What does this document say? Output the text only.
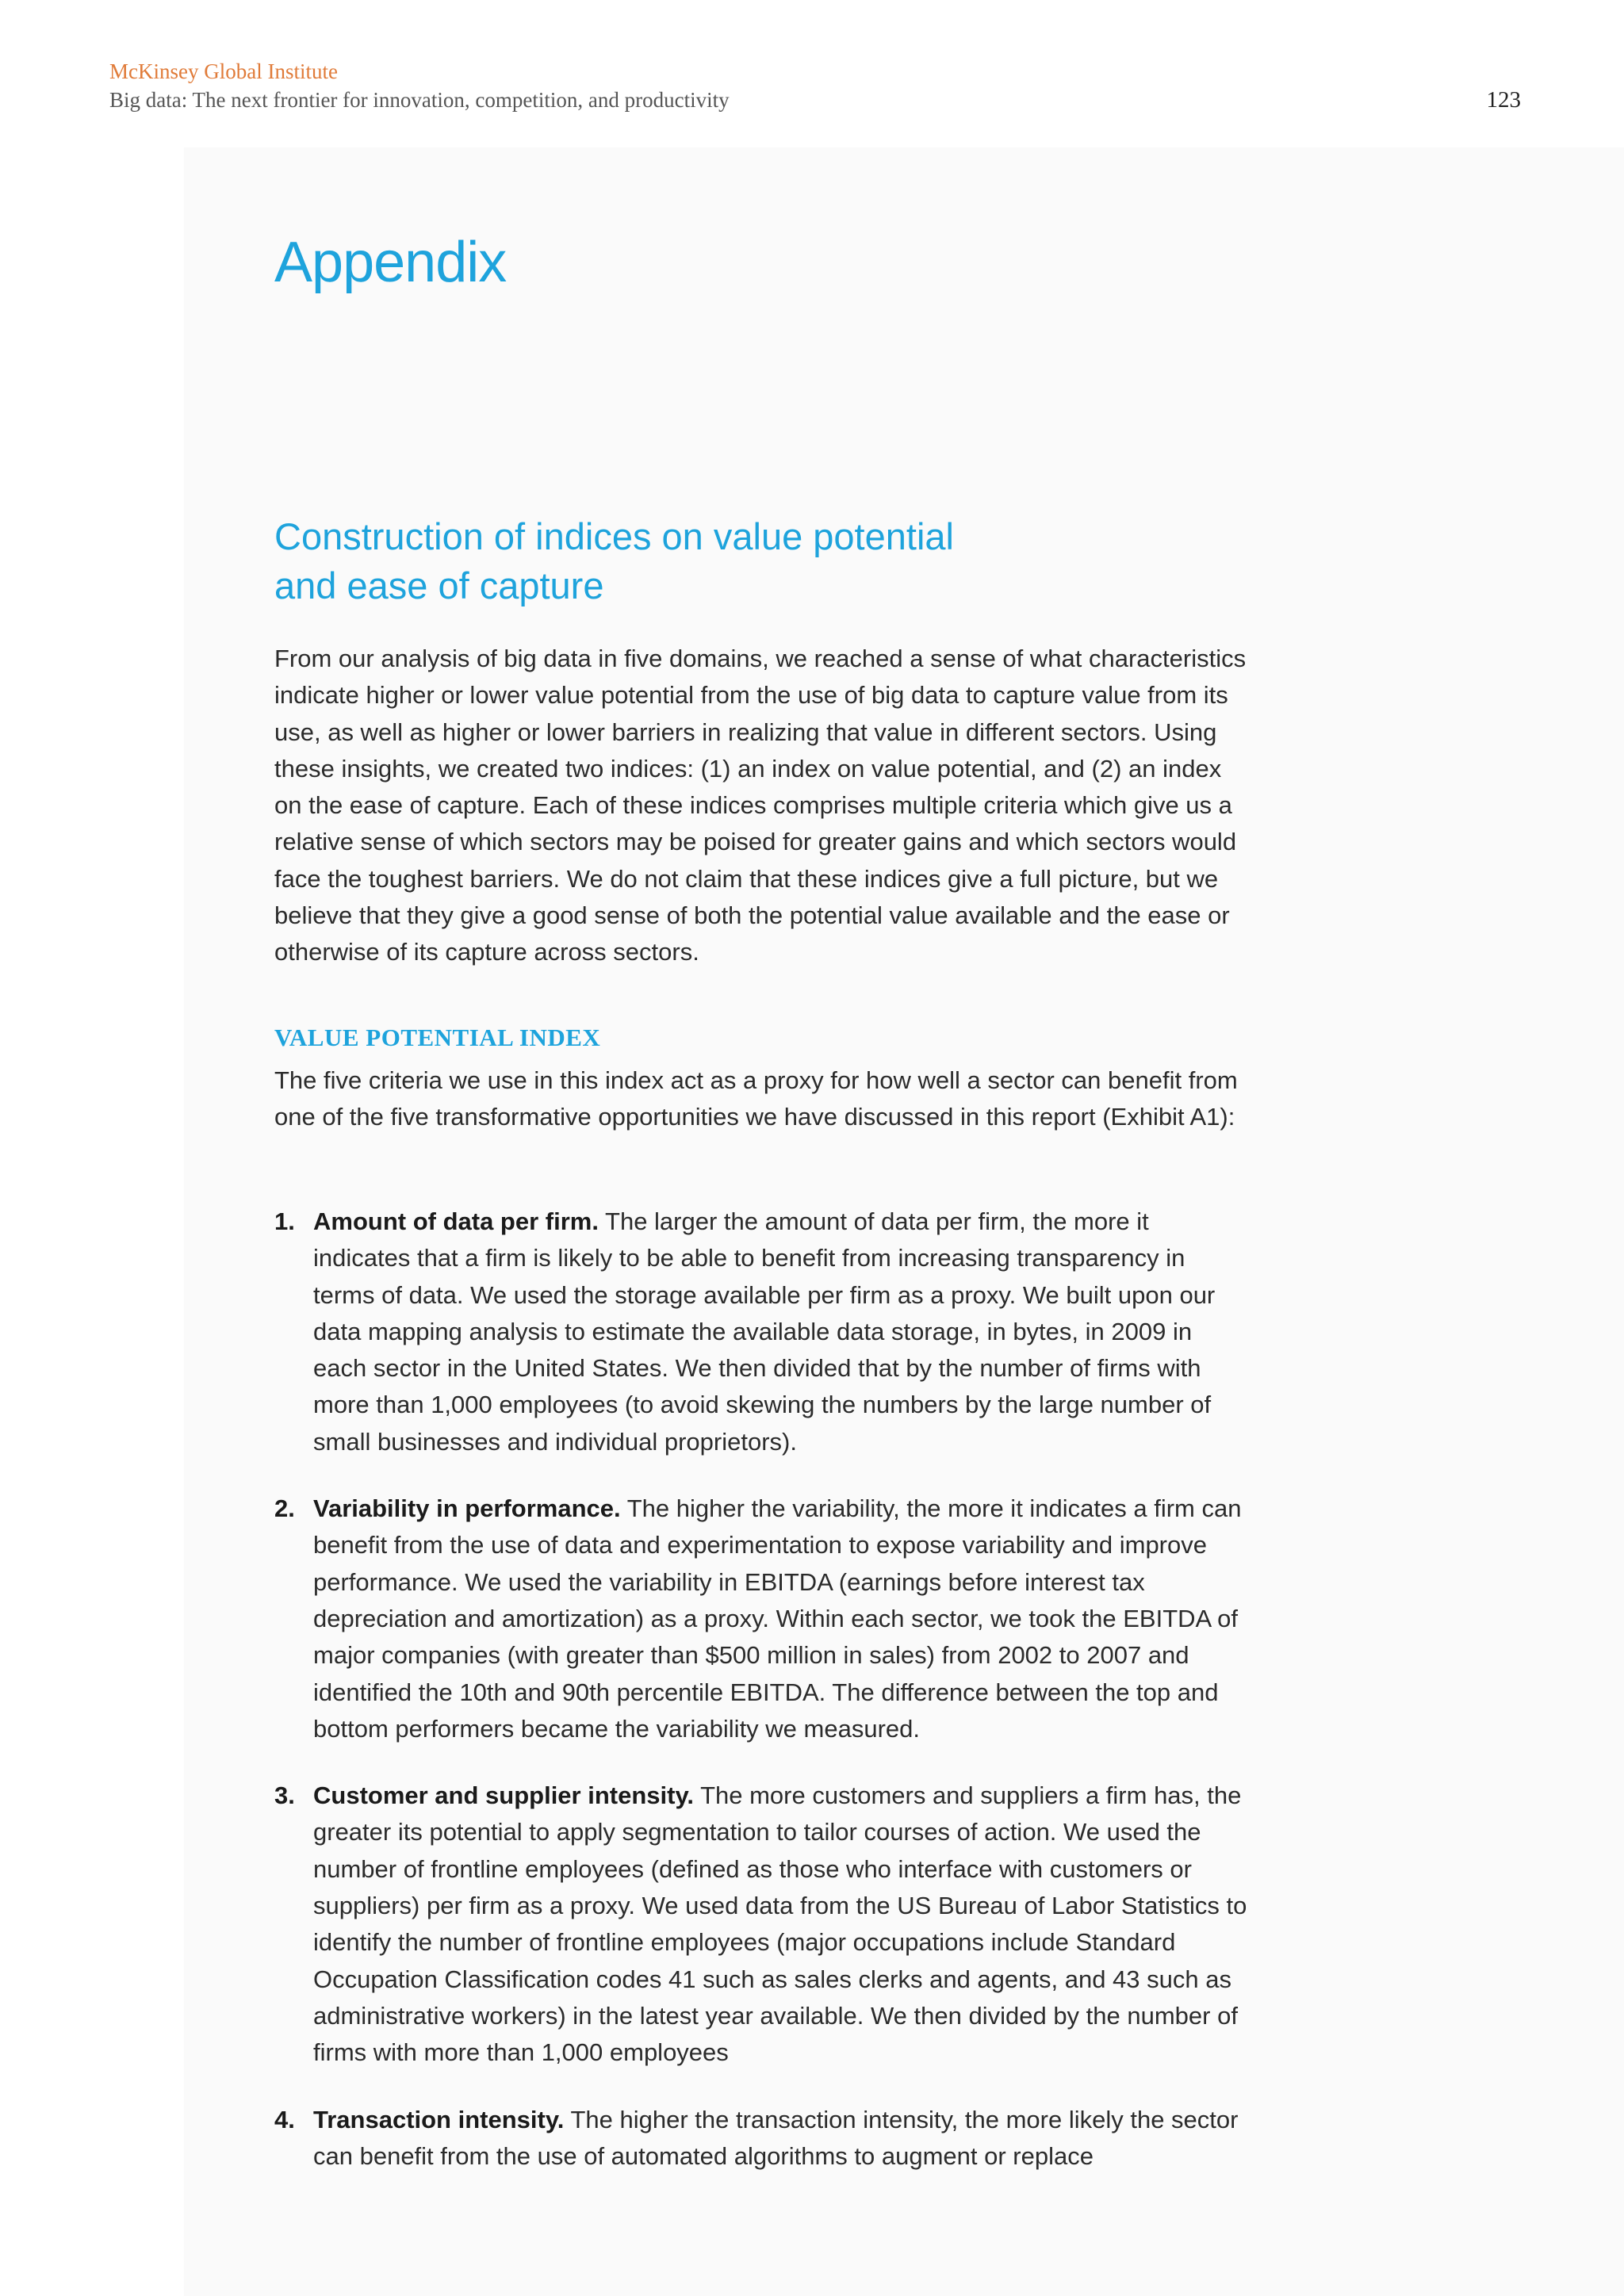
McKinsey Global Institute
Big data: The next frontier for innovation, competition, and productivity	123
Appendix
Construction of indices on value potential
and ease of capture

From our analysis of big data in five domains, we reached a sense of what characteristics indicate higher or lower value potential from the use of big data to capture value from its use, as well as higher or lower barriers in realizing that value in different sectors. Using these insights, we created two indices: (1) an index on value potential, and (2) an index on the ease of capture. Each of these indices comprises multiple criteria which give us a relative sense of which sectors may be poised for greater gains and which sectors would face the toughest barriers. We do not claim that these indices give a full picture, but we believe that they give a good sense of both the potential value available and the ease or otherwise of its capture across sectors.

VALUE POTENTIAL INDEX

The five criteria we use in this index act as a proxy for how well a sector can benefit from one of the five transformative opportunities we have discussed in this report (Exhibit A1):

1. Amount of data per firm. The larger the amount of data per firm, the more it indicates that a firm is likely to be able to benefit from increasing transparency in terms of data. We used the storage available per firm as a proxy. We built upon our data mapping analysis to estimate the available data storage, in bytes, in 2009 in each sector in the United States. We then divided that by the number of firms with more than 1,000 employees (to avoid skewing the numbers by the large number of small businesses and individual proprietors).
2. Variability in performance. The higher the variability, the more it indicates a firm can benefit from the use of data and experimentation to expose variability and improve performance. We used the variability in EBITDA (earnings before interest tax depreciation and amortization) as a proxy. Within each sector, we took the EBITDA of major companies (with greater than $500 million in sales) from 2002 to 2007 and identified the 10th and 90th percentile EBITDA. The difference between the top and bottom performers became the variability we measured.
3. Customer and supplier intensity. The more customers and suppliers a firm has, the greater its potential to apply segmentation to tailor courses of action. We used the number of frontline employees (defined as those who interface with customers or suppliers) per firm as a proxy. We used data from the US Bureau of Labor Statistics to identify the number of frontline employees (major occupations include Standard Occupation Classification codes 41 such as sales clerks and agents, and 43 such as administrative workers) in the latest year available. We then divided by the number of firms with more than 1,000 employees
4. Transaction intensity. The higher the transaction intensity, the more likely the sector can benefit from the use of automated algorithms to augment or replace
